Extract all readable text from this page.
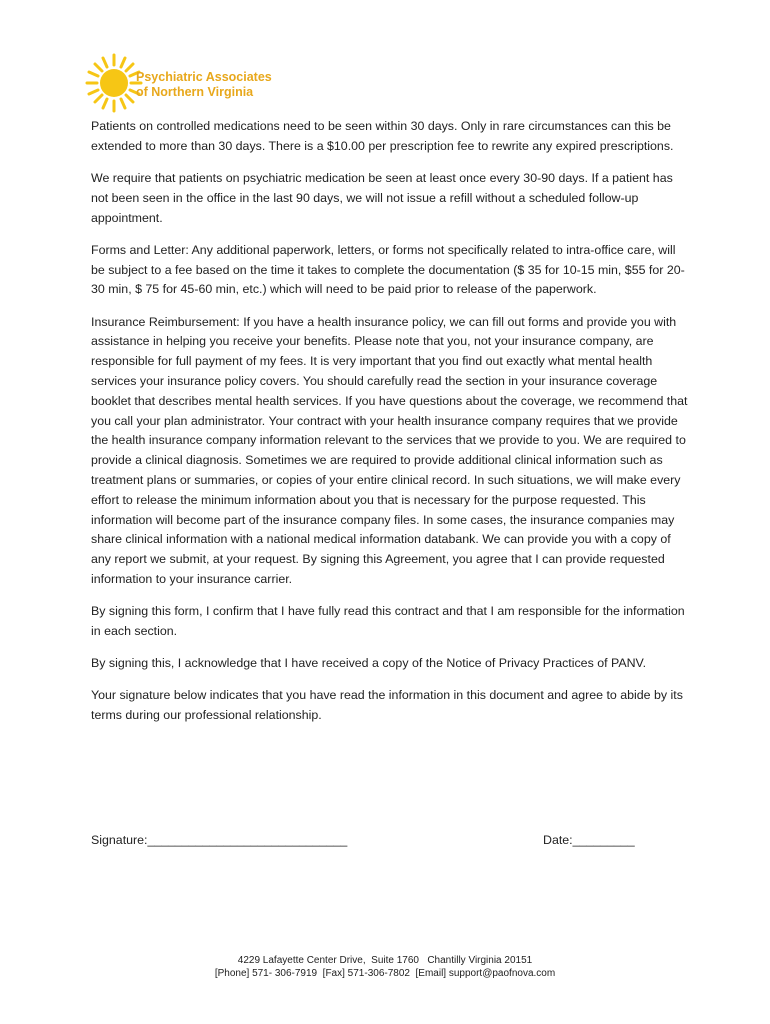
Psychiatric Associates
of Northern Virginia

Patients on controlled medications need to be seen within 30 days. Only in rare circumstances can this be extended to more than 30 days. There is a $10.00 per prescription fee to rewrite any expired prescriptions.

We require that patients on psychiatric medication be seen at least once every 30-90 days. If a patient has not been seen in the office in the last 90 days, we will not issue a refill without a scheduled follow-up appointment.

Forms and Letter: Any additional paperwork, letters, or forms not specifically related to intra-office care, will be subject to a fee based on the time it takes to complete the documentation ($ 35 for 10-15 min, $55 for 20-30 min, $ 75 for 45-60 min, etc.) which will need to be paid prior to release of the paperwork.

Insurance Reimbursement: If you have a health insurance policy, we can fill out forms and provide you with assistance in helping you receive your benefits. Please note that you, not your insurance company, are responsible for full payment of my fees. It is very important that you find out exactly what mental health services your insurance policy covers. You should carefully read the section in your insurance coverage booklet that describes mental health services. If you have questions about the coverage, we recommend that you call your plan administrator. Your contract with your health insurance company requires that we provide the health insurance company information relevant to the services that we provide to you. We are required to provide a clinical diagnosis. Sometimes we are required to provide additional clinical information such as treatment plans or summaries, or copies of your entire clinical record. In such situations, we will make every effort to release the minimum information about you that is necessary for the purpose requested. This information will become part of the insurance company files. In some cases, the insurance companies may share clinical information with a national medical information databank. We can provide you with a copy of any report we submit, at your request. By signing this Agreement, you agree that I can provide requested information to your insurance carrier.

By signing this form, I confirm that I have fully read this contract and that I am responsible for the information in each section.

By signing this, I acknowledge that I have received a copy of the Notice of Privacy Practices of PANV.

Your signature below indicates that you have read the information in this document and agree to abide by its terms during our professional relationship.

Signature:_____________________________	Date:_________
4229 Lafayette Center Drive,  Suite 1760   Chantilly Virginia 20151
[Phone] 571- 306-7919  [Fax] 571-306-7802  [Email] support@paofnova.com
